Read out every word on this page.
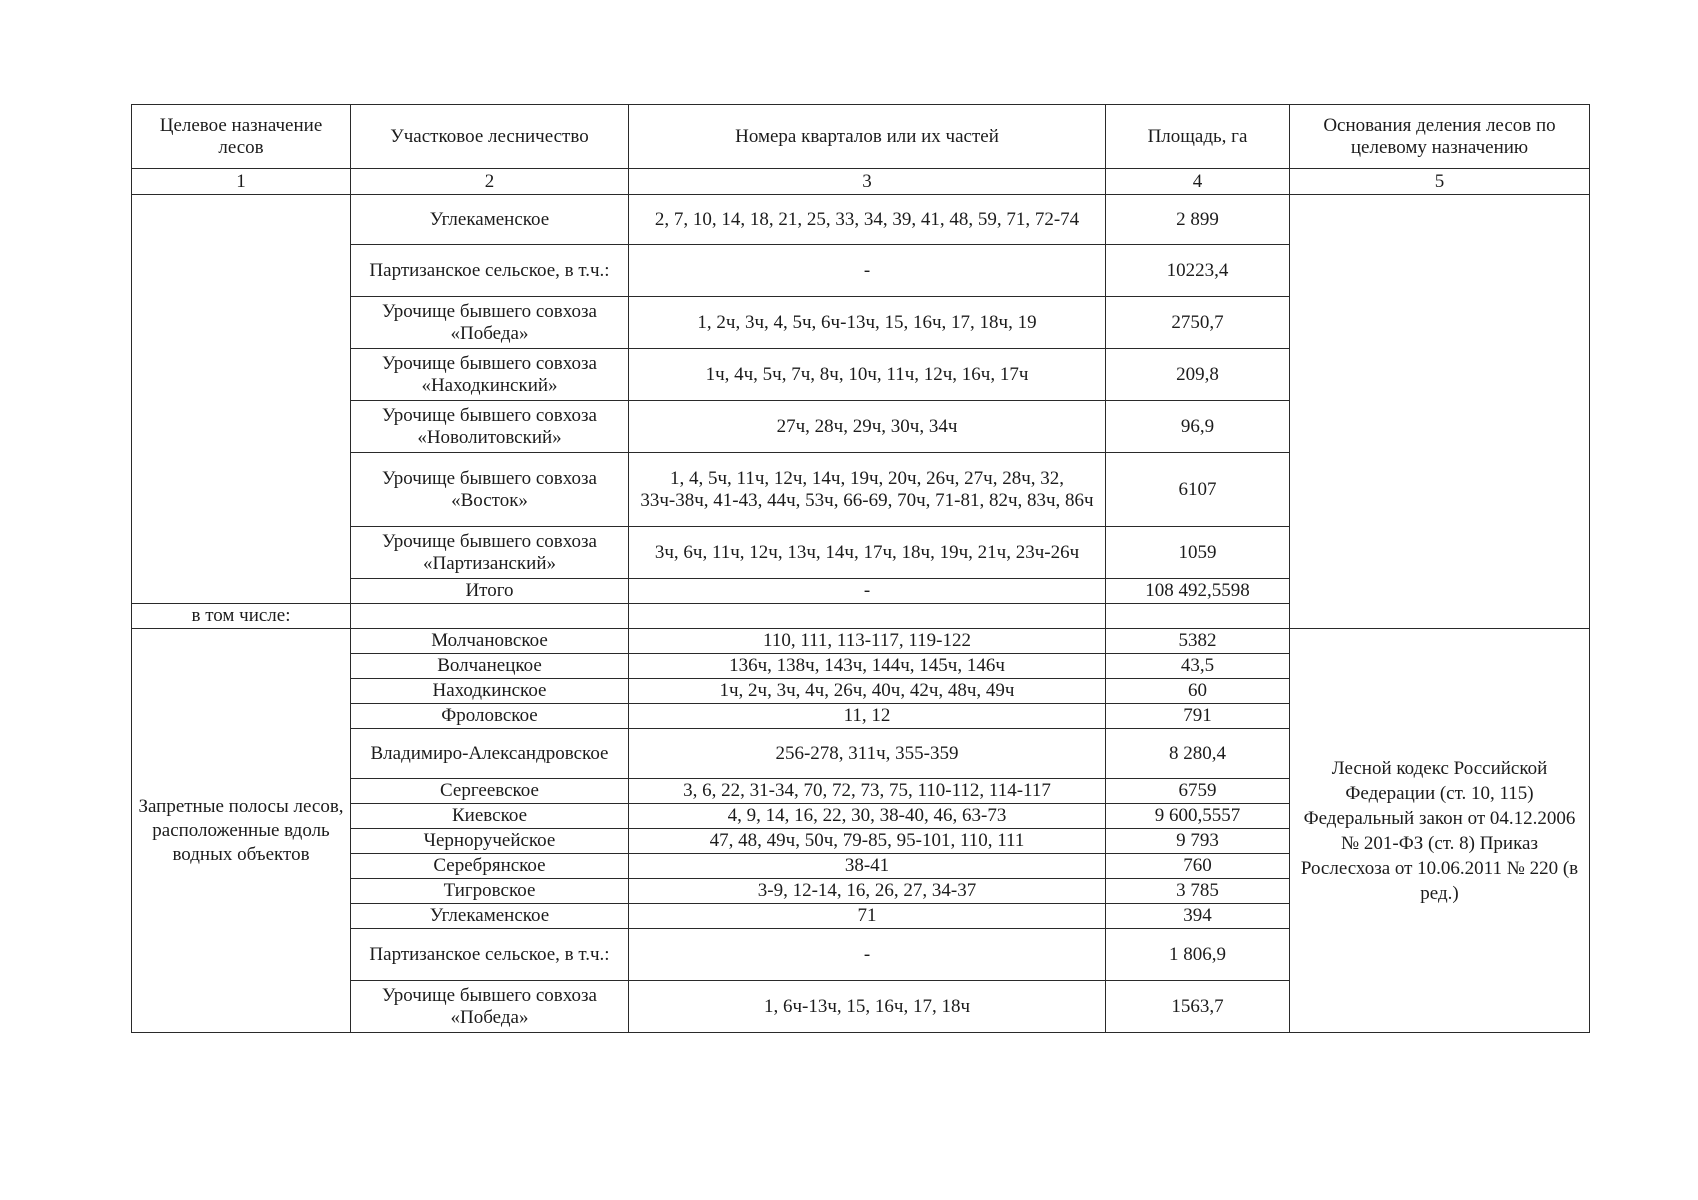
Целевое назначение лесов	Участковое лесничество	Номера кварталов или их частей	Площадь, га	Основания деления лесов по целевому назначению
1	2	3	4	5
	Углекаменское	2, 7, 10, 14, 18, 21, 25, 33, 34, 39, 41, 48, 59, 71, 72-74	2 899	
	Партизанское сельское, в т.ч.:	-	10223,4	
	Урочище бывшего совхоза «Победа»	1, 2ч, 3ч, 4, 5ч, 6ч-13ч, 15, 16ч, 17, 18ч, 19	2750,7	
	Урочище бывшего совхоза «Находкинский»	1ч, 4ч, 5ч, 7ч, 8ч, 10ч, 11ч, 12ч, 16ч, 17ч	209,8	
	Урочище бывшего совхоза «Новолитовский»	27ч, 28ч, 29ч, 30ч, 34ч	96,9	
	Урочище бывшего совхоза «Восток»	1, 4, 5ч, 11ч, 12ч, 14ч, 19ч, 20ч, 26ч, 27ч, 28ч, 32, 33ч-38ч, 41-43, 44ч, 53ч, 66-69, 70ч, 71-81, 82ч, 83ч, 86ч	6107	
	Урочище бывшего совхоза «Партизанский»	3ч, 6ч, 11ч, 12ч, 13ч, 14ч, 17ч, 18ч, 19ч, 21ч, 23ч-26ч	1059	
	Итого	-	108 492,5598	
в том числе:				
Запретные полосы лесов, расположенные вдоль водных объектов	Молчановское	110, 111, 113-117, 119-122	5382	Лесной кодекс Российской Федерации (ст. 10, 115) Федеральный закон от 04.12.2006 № 201-ФЗ (ст. 8) Приказ Рослесхоза от 10.06.2011 № 220 (в ред.)
	Волчанецкое	136ч, 138ч, 143ч, 144ч, 145ч, 146ч	43,5	
	Находкинское	1ч, 2ч, 3ч, 4ч, 26ч, 40ч, 42ч, 48ч, 49ч	60	
	Фроловское	11, 12	791	
	Владимиро-Александровское	256-278, 311ч, 355-359	8 280,4	
	Сергеевское	3, 6, 22, 31-34, 70, 72, 73, 75, 110-112, 114-117	6759	
	Киевское	4, 9, 14, 16, 22, 30, 38-40, 46, 63-73	9 600,5557	
	Черноручейское	47, 48, 49ч, 50ч, 79-85, 95-101, 110, 111	9 793	
	Серебрянское	38-41	760	
	Тигровское	3-9, 12-14, 16, 26, 27, 34-37	3 785	
	Углекаменское	71	394	
	Партизанское сельское, в т.ч.:	-	1 806,9	
	Урочище бывшего совхоза «Победа»	1, 6ч-13ч, 15, 16ч, 17, 18ч	1563,7	
